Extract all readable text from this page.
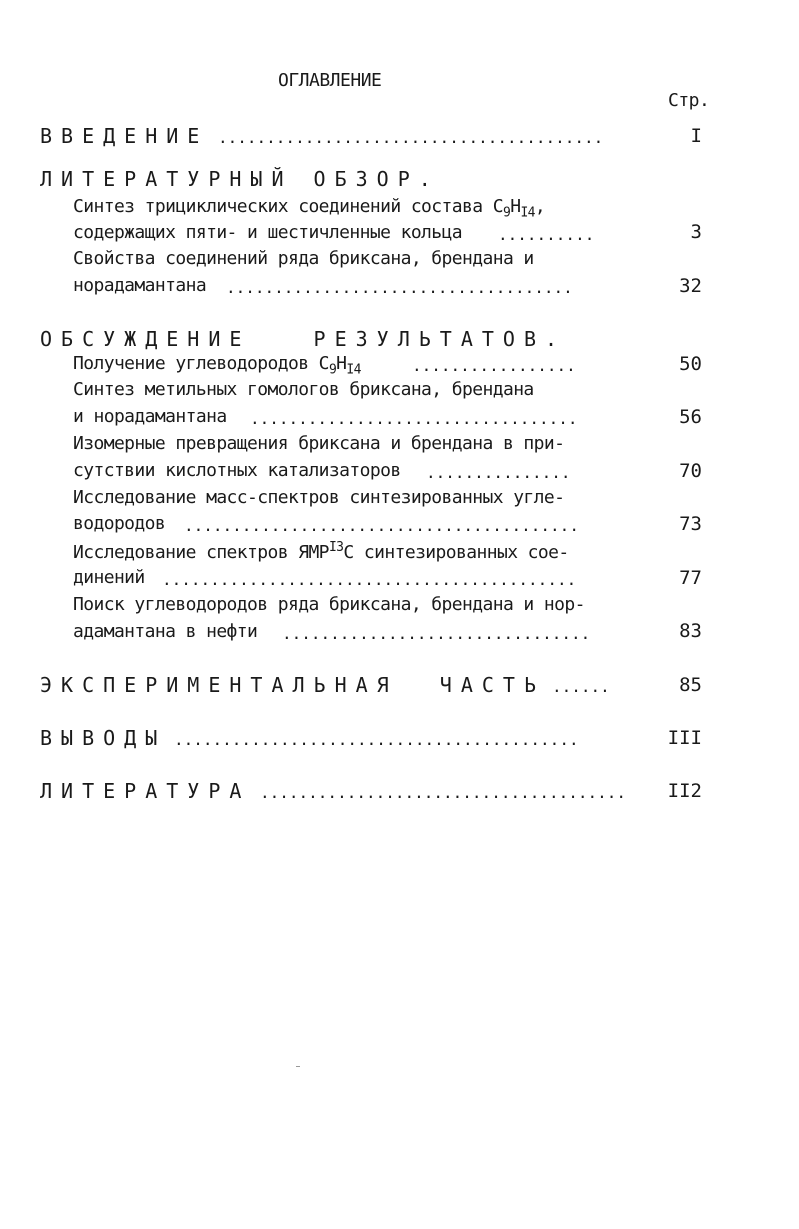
ОГЛАВЛЕНИЕ
Стр.
ВВЕДЕНИЕ ........................................	I
ЛИТЕРАТУРНЫЙ ОБЗОР.
Синтез трициклических соединений состава $С_9Н_{I4}$,
содержащих пяти- и шестичленные кольца ..........	3
Свойства соединений ряда бриксана, брендана и
норадамантана ....................................	32
ОБСУЖДЕНИЕ	РЕЗУЛЬТАТОВ.
Получение углеводородов $С_9Н_{I4}$	.................	50
Синтез метильных гомологов бриксана, брендана
и норадамантана ..................................	56
Изомерные превращения бриксана и брендана в при-
сутствии кислотных катализаторов ...............	70
Исследование масс-спектров синтезированных угле-
водородов .........................................	73
Исследование спектров $ЯМР^{I3}С$ синтезированных сое-
динений ...........................................	77
Поиск углеводородов ряда бриксана, брендана и нор-
адамантана в нефти ................................	83
ЭКСПЕРИМЕНТАЛЬНАЯ ЧАСТЬ ......	85
ВЫВОДЫ ..........................................	III
ЛИТЕРАТУРА ......................................	II2
